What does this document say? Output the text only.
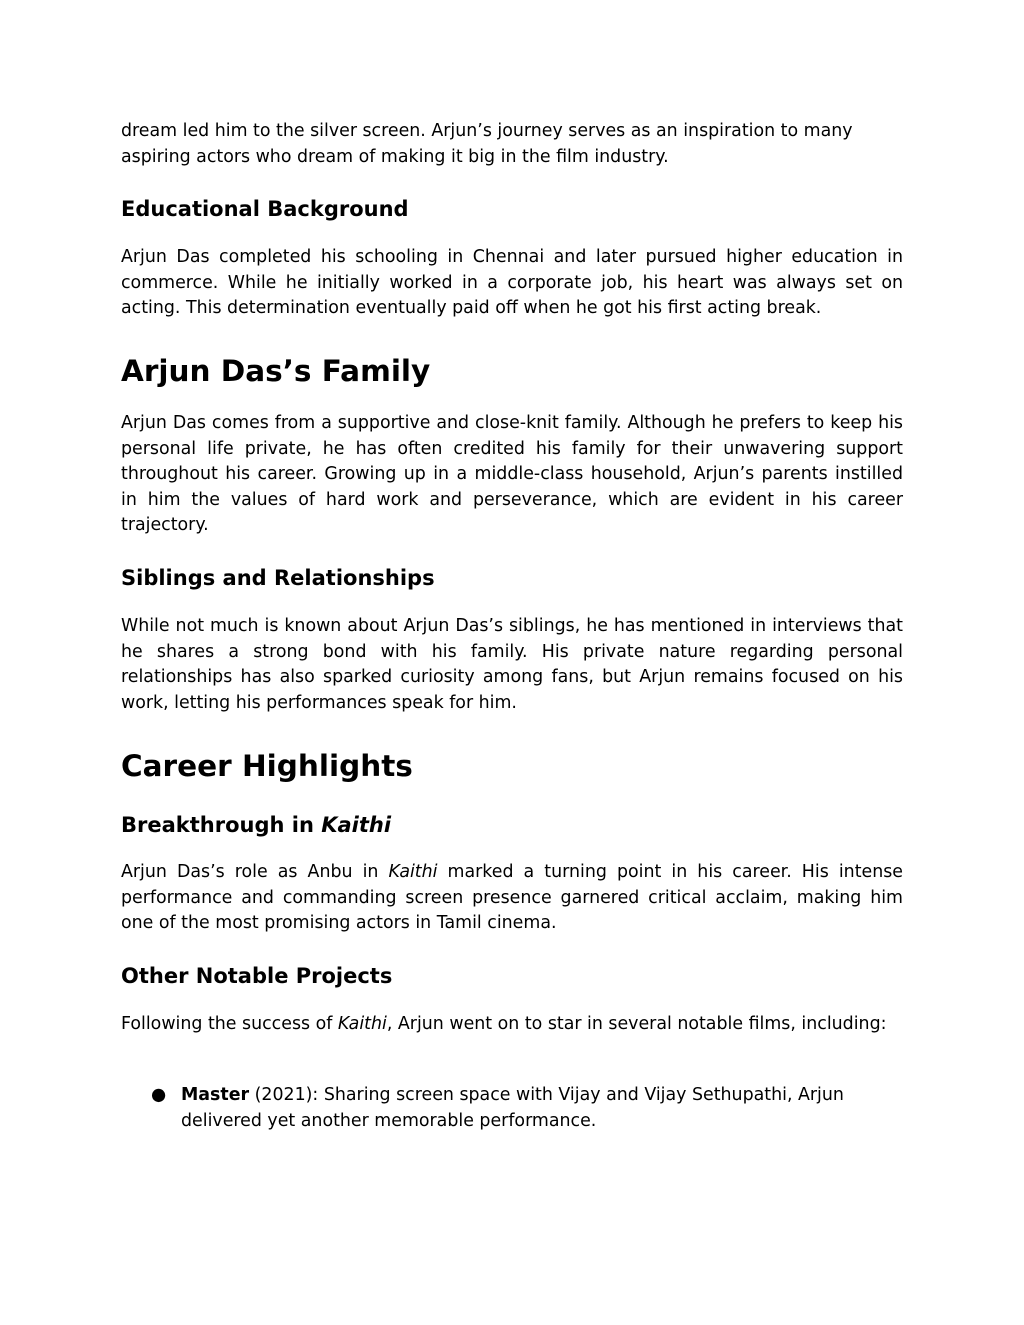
dream led him to the silver screen. Arjun’s journey serves as an inspiration to many aspiring actors who dream of making it big in the film industry.

Educational Background

Arjun Das completed his schooling in Chennai and later pursued higher education in commerce. While he initially worked in a corporate job, his heart was always set on acting. This determination eventually paid off when he got his first acting break.

Arjun Das’s Family

Arjun Das comes from a supportive and close-knit family. Although he prefers to keep his personal life private, he has often credited his family for their unwavering support throughout his career. Growing up in a middle-class household, Arjun’s parents instilled in him the values of hard work and perseverance, which are evident in his career trajectory.

Siblings and Relationships

While not much is known about Arjun Das’s siblings, he has mentioned in interviews that he shares a strong bond with his family. His private nature regarding personal relationships has also sparked curiosity among fans, but Arjun remains focused on his work, letting his performances speak for him.

Career Highlights
Breakthrough in Kaithi

Arjun Das’s role as Anbu in Kaithi marked a turning point in his career. His intense performance and commanding screen presence garnered critical acclaim, making him one of the most promising actors in Tamil cinema.

Other Notable Projects

Following the success of Kaithi, Arjun went on to star in several notable films, including:

● Master (2021): Sharing screen space with Vijay and Vijay Sethupathi, Arjun delivered yet another memorable performance.
